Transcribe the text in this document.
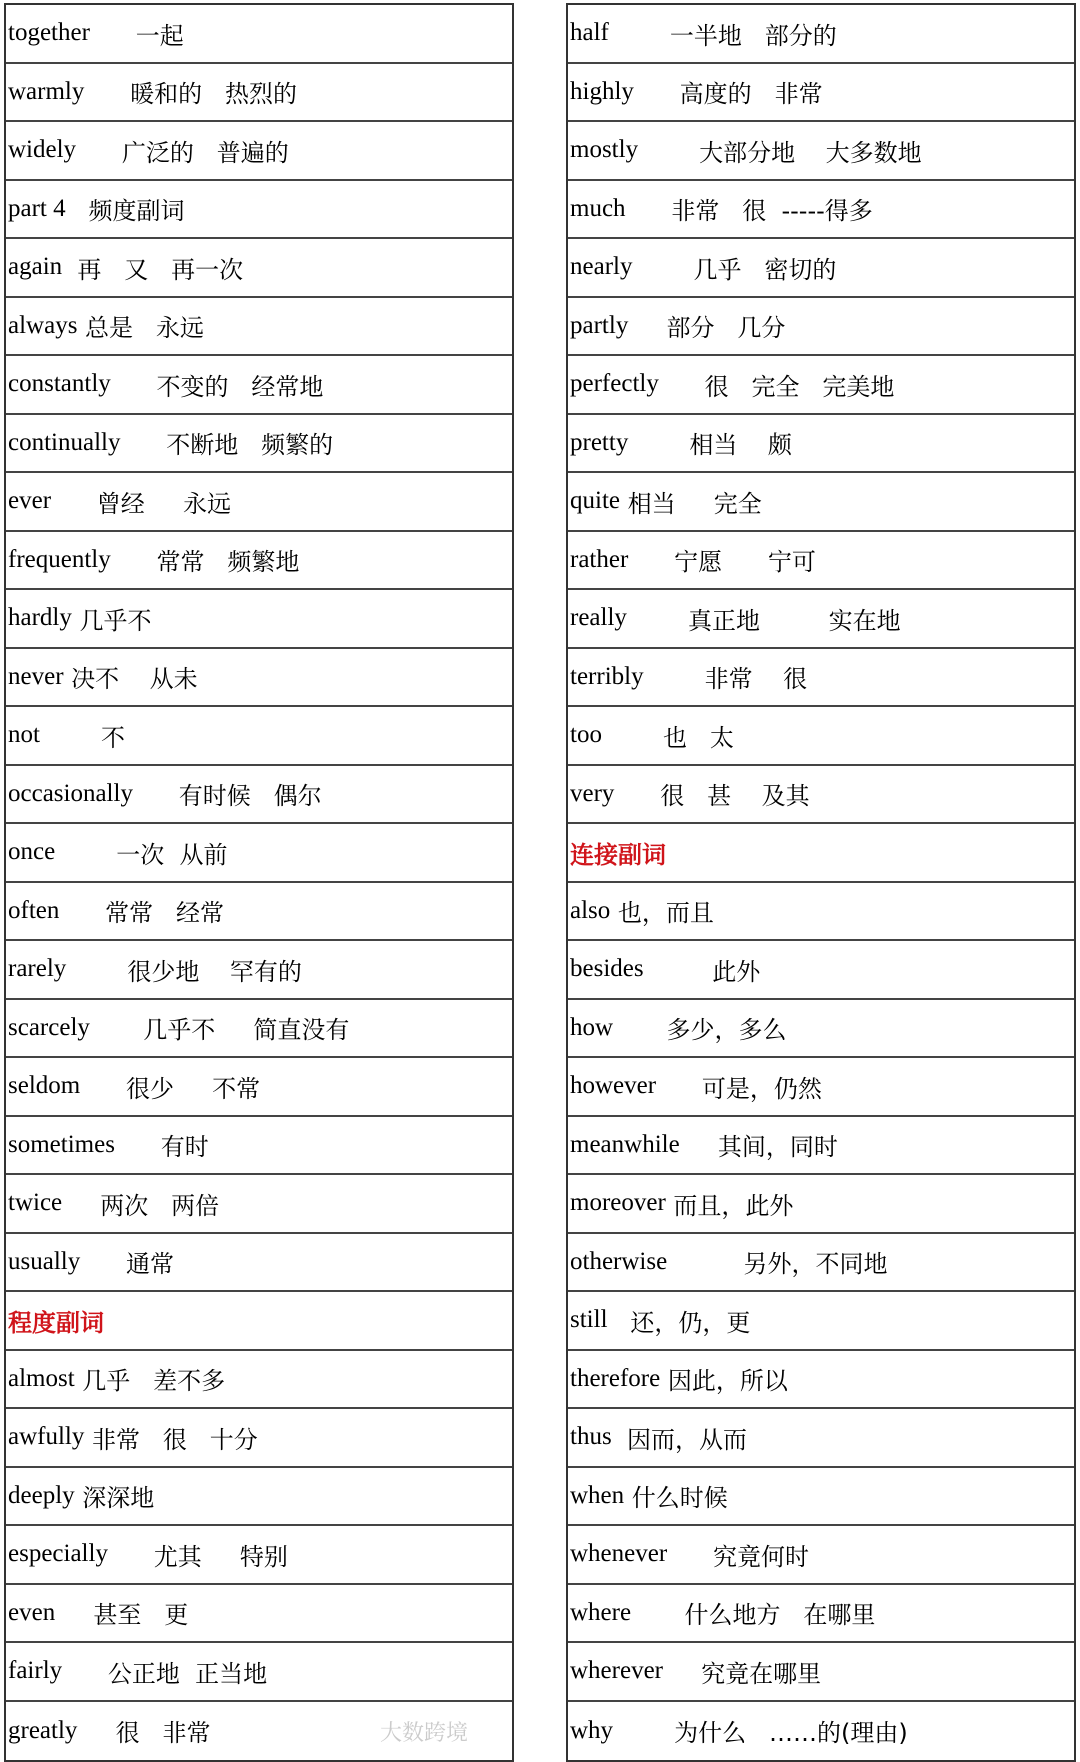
together 一起
warmly 暖和的   热烈的
widely 广泛的   普遍的
part 4 频度副词
again 再   又   再一次
always 总是   永远
constantly 不变的   经常地
continually 不断地   频繁的
ever 曾经     永远
frequently 常常   频繁地
hardly 几乎不
never 决不    从未
not 不
occasionally 有时候   偶尔
once 一次  从前
often 常常   经常
rarely 很少地    罕有的
scarcely 几乎不     简直没有
seldom 很少     不常
sometimes 有时
twice 两次   两倍
usually 通常
程度副词
almost 几乎   差不多
awfully 非常   很   十分
deeply 深深地
especially 尤其     特别
even 甚至   更
fairly 公正地  正当地
greatly 很   非常
half 一半地   部分的
highly 高度的   非常
mostly 大部分地    大多数地
much 非常   很  -----得多
nearly 几乎   密切的
partly 部分   几分
perfectly 很   完全   完美地
pretty 相当    颇
quite 相当     完全
rather 宁愿      宁可
really 真正地         实在地
terribly 非常    很
too 也   太
very 很   甚    及其
连接副词
also 也，而且
besides 此外
how 多少，多么
however 可是，仍然
meanwhile 其间，同时
moreover 而且，此外
otherwise 另外，不同地
still 还，仍，更
therefore 因此，所以
thus 因而，从而
when 什么时候
whenever 究竟何时
where 什么地方   在哪里
wherever 究竟在哪里
why 为什么   ……的(理由)
大数跨境
